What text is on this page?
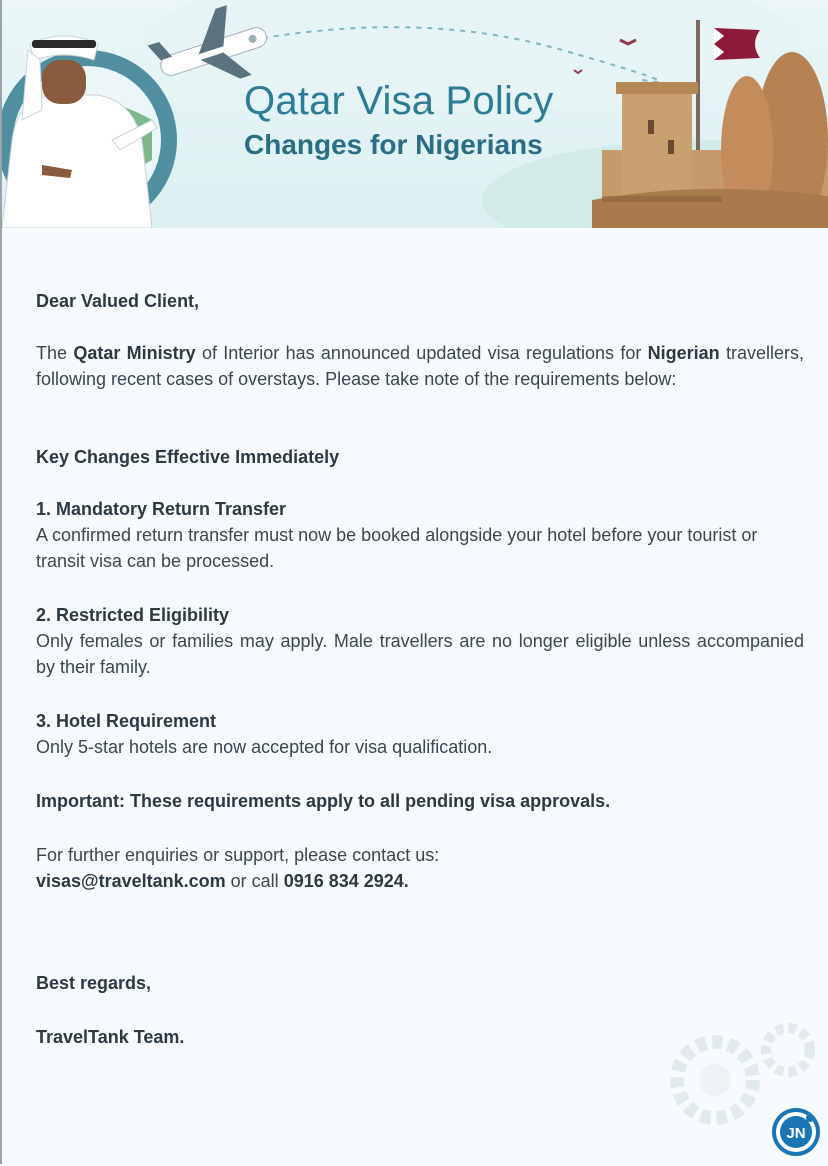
Qatar Visa Policy
Changes for Nigerians

Dear Valued Client,

The Qatar Ministry of Interior has announced updated visa regulations for Nigerian travellers, following recent cases of overstays. Please take note of the requirements below:

Key Changes Effective Immediately

1. Mandatory Return Transfer

A confirmed return transfer must now be booked alongside your hotel before your tourist or transit visa can be processed.

2. Restricted Eligibility

Only females or families may apply. Male travellers are no longer eligible unless accompanied by their family.

3. Hotel Requirement

Only 5-star hotels are now accepted for visa qualification.

Important: These requirements apply to all pending visa approvals.

For further enquiries or support, please contact us:

visas@traveltank.com or call 0916 834 2924.

Best regards,

TravelTank Team.

JN
